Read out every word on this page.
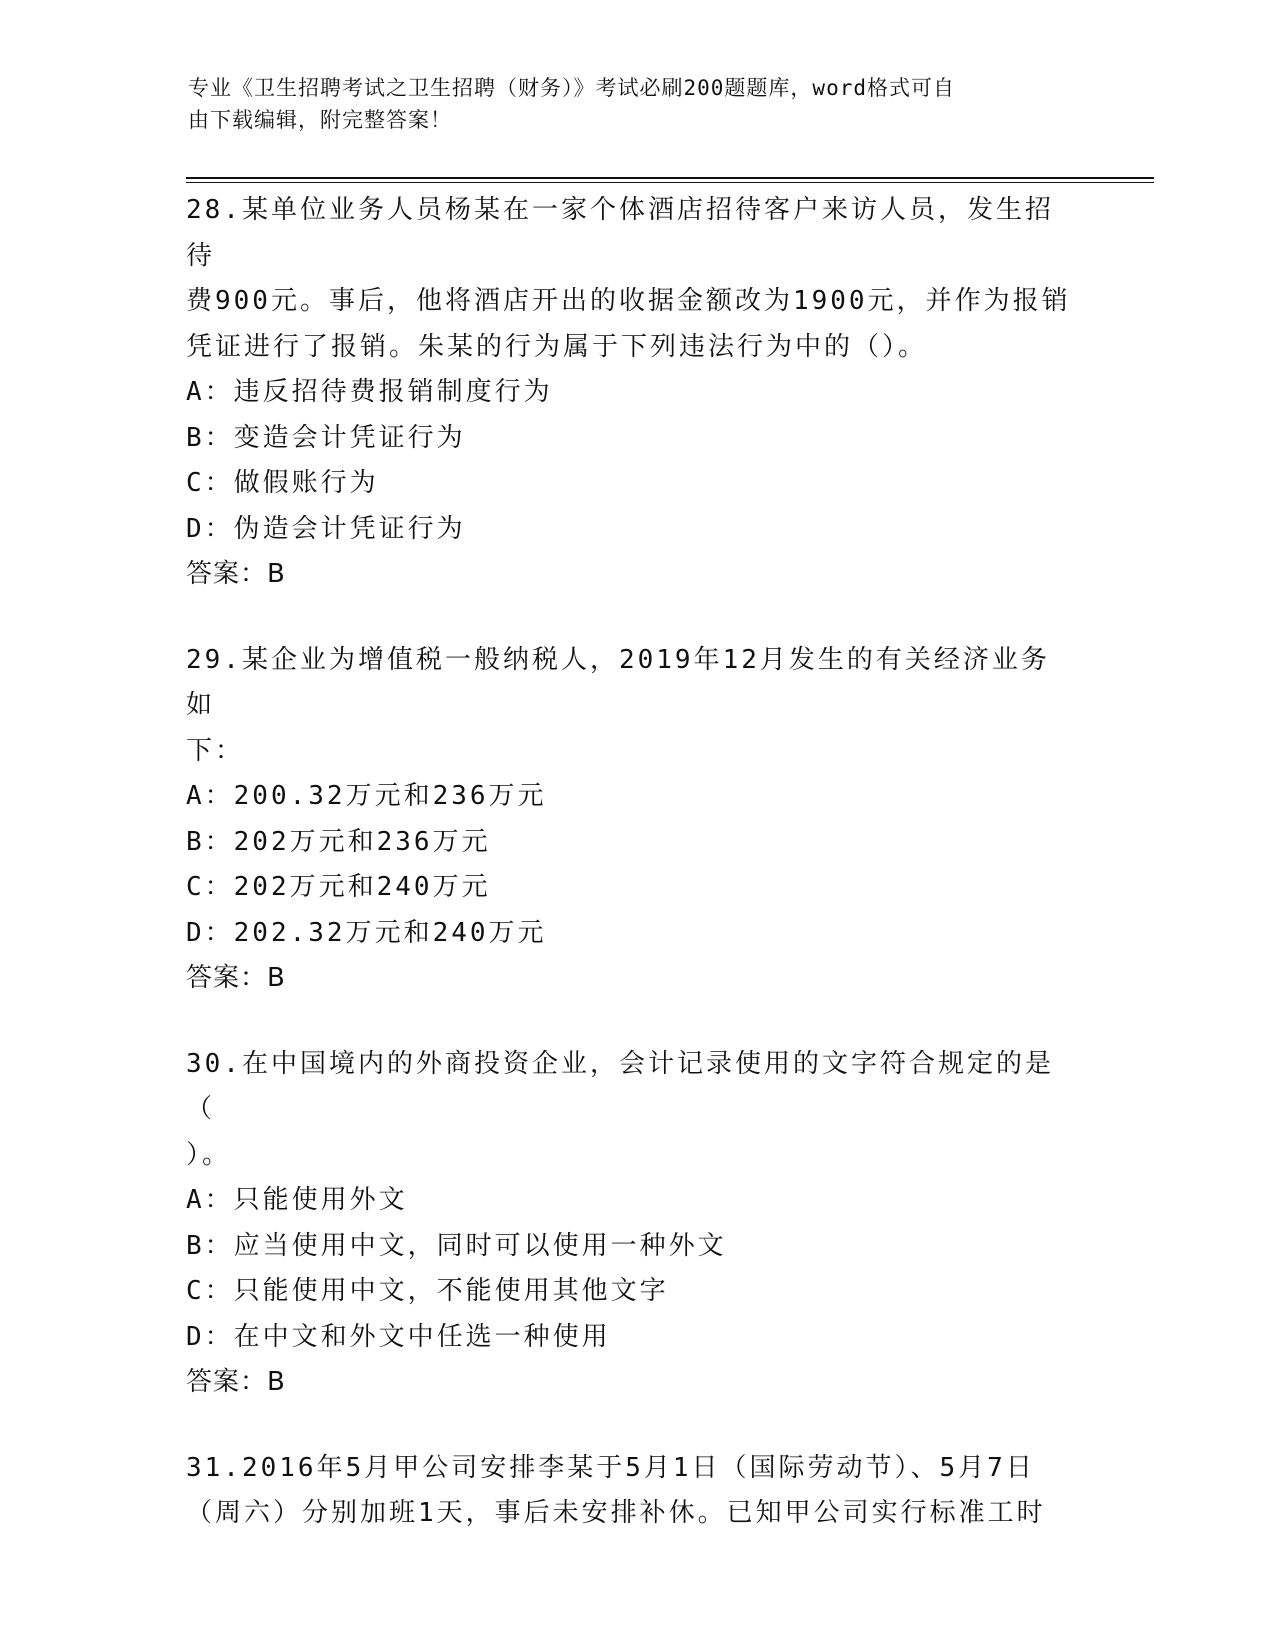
专业《卫生招聘考试之卫生招聘（财务）》考试必刷200题题库，word格式可自
由下载编辑，附完整答案！
28.某单位业务人员杨某在一家个体酒店招待客户来访人员，发生招待
费900元。事后，他将酒店开出的收据金额改为1900元，并作为报销
凭证进行了报销。朱某的行为属于下列违法行为中的（）。
A：违反招待费报销制度行为
B：变造会计凭证行为
C：做假账行为
D：伪造会计凭证行为
答案：B
29.某企业为增值税一般纳税人，2019年12月发生的有关经济业务如
下：
A：200.32万元和236万元
B：202万元和236万元
C：202万元和240万元
D：202.32万元和240万元
答案：B
30.在中国境内的外商投资企业，会计记录使用的文字符合规定的是（
）。
A：只能使用外文
B：应当使用中文，同时可以使用一种外文
C：只能使用中文，不能使用其他文字
D：在中文和外文中任选一种使用
答案：B
31.2016年5月甲公司安排李某于5月1日（国际劳动节）、5月7日
（周六）分别加班1天，事后未安排补休。已知甲公司实行标准工时
